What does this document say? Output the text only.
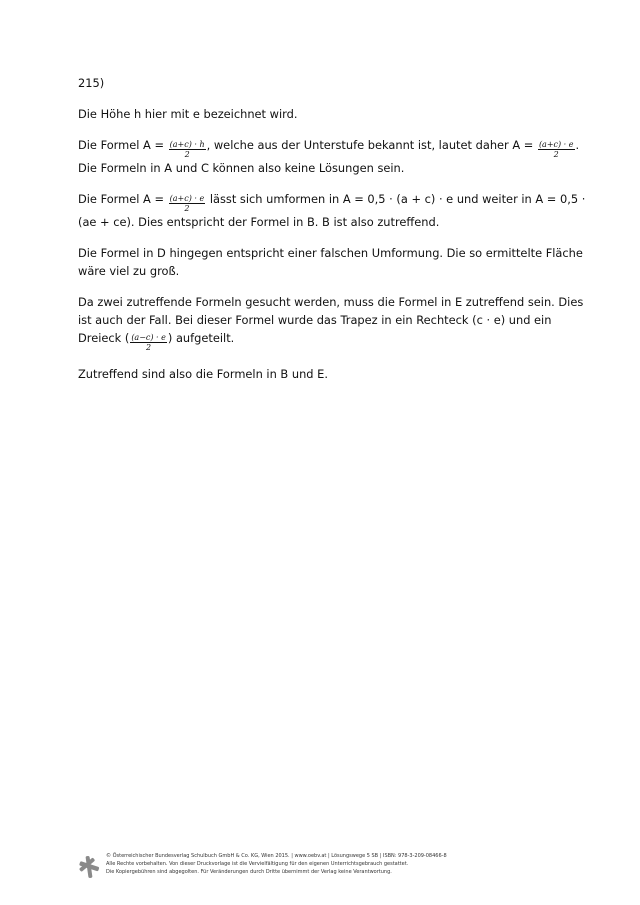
215)

Die Höhe h hier mit e bezeichnet wird.

Die Formel $A = \frac{(a+c) \cdot h}{2}$ , welche aus der Unterstufe bekannt ist, lautet daher $A = \frac{(a+c) \cdot e}{2}$ . Die Formeln in A und C können also keine Lösungen sein.

Die Formel $A = \frac{(a+c) \cdot e}{2}$ lässt sich umformen in A = 0,5 · (a + c) · e und weiter in A = 0,5 · (ae + ce). Dies entspricht der Formel in B. B ist also zutreffend.

Die Formel in D hingegen entspricht einer falschen Umformung. Die so ermittelte Fläche wäre viel zu groß.

Da zwei zutreffende Formeln gesucht werden, muss die Formel in E zutreffend sein. Dies ist auch der Fall. Bei dieser Formel wurde das Trapez in ein Rechteck (c · e) und ein Dreieck ( $\frac{(a-c) \cdot e}{2}$ ) aufgeteilt.

Zutreffend sind also die Formeln in B und E.

© Österreichischer Bundesverlag Schulbuch GmbH & Co. KG, Wien 2015. | www.oebv.at | Lösungswege 5 SB | ISBN: 978-3-209-08466-8
Alle Rechte vorbehalten. Von dieser Druckvorlage ist die Vervielfältigung für den eigenen Unterrichtsgebrauch gestattet.
Die Kopiergebühren sind abgegolten. Für Veränderungen durch Dritte übernimmt der Verlag keine Verantwortung.
